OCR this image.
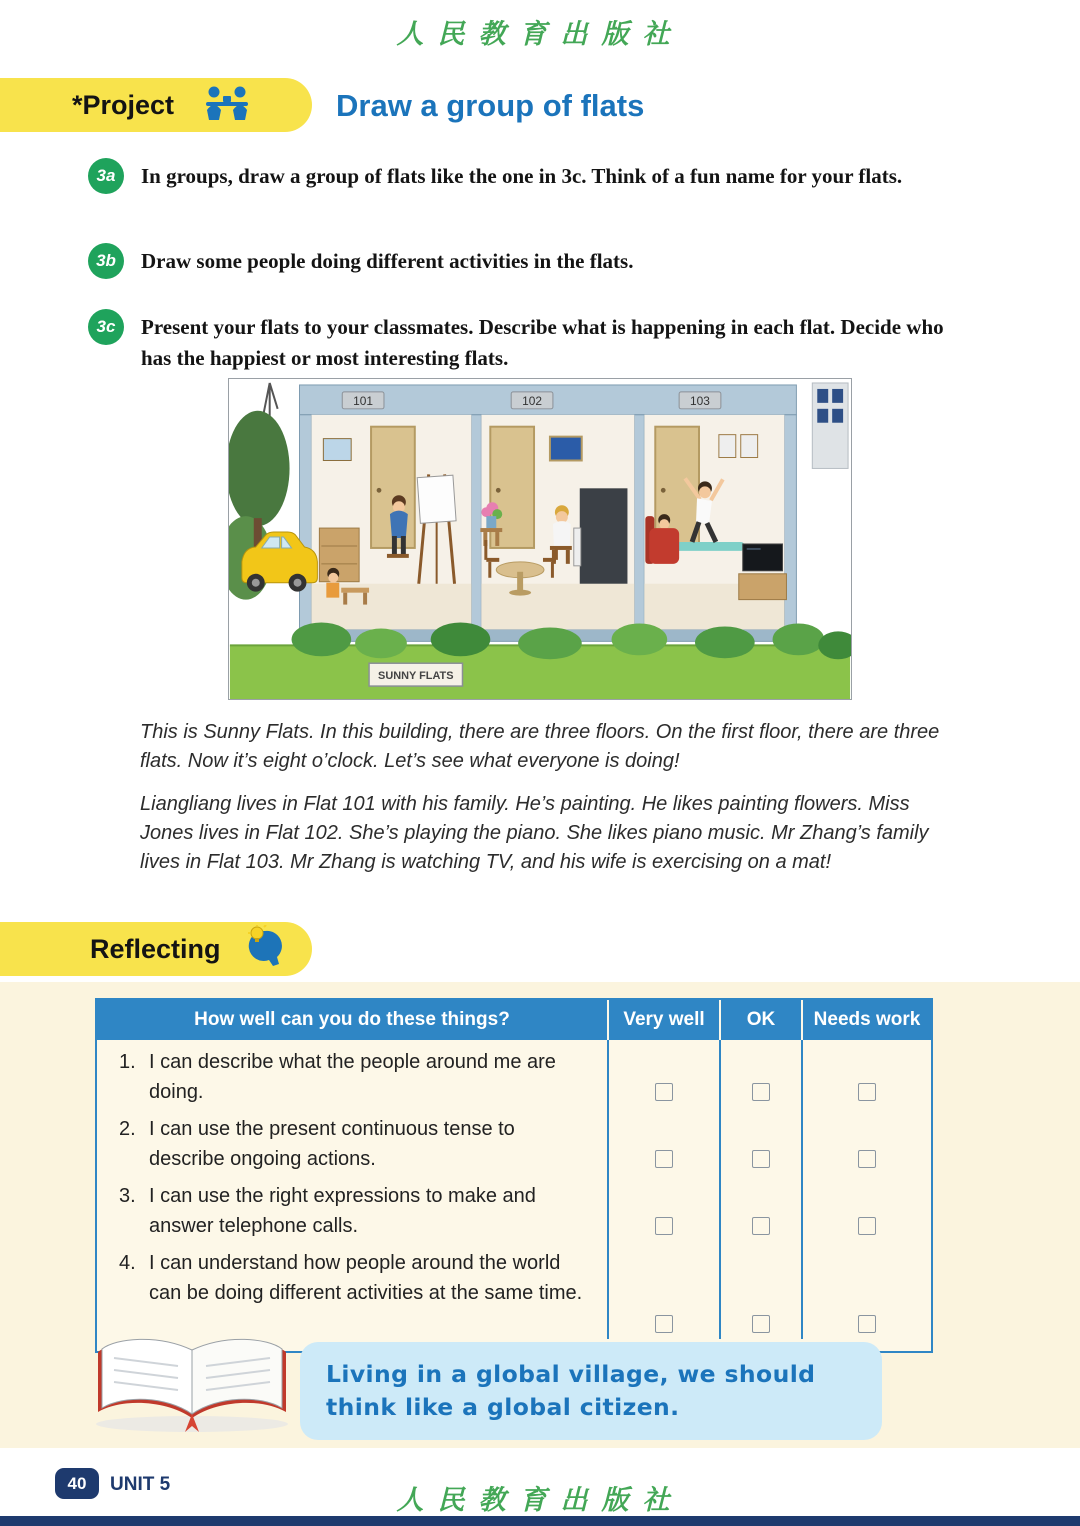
人民教育出版社
*Project	Draw a group of flats
3a	In groups, draw a group of flats like the one in 3c. Think of a fun name for your flats.
3b	Draw some people doing different activities in the flats.
3c	Present your flats to your classmates. Describe what is happening in each flat. Decide who has the happiest or most interesting flats.
101	102	103
SUNNY FLATS

This is Sunny Flats. In this building, there are three floors. On the first floor, there are three flats. Now it’s eight o’clock. Let’s see what everyone is doing!

Liangliang lives in Flat 101 with his family. He’s painting. He likes painting flowers. Miss Jones lives in Flat 102. She’s playing the piano. She likes piano music. Mr Zhang’s family lives in Flat 103. Mr Zhang is watching TV, and his wife is exercising on a mat!

Reflecting
How well can you do these things?	Very well	OK	Needs work
1. I can describe what the people around me are doing.
2. I can use the present continuous tense to describe ongoing actions.
3. I can use the right expressions to make and answer telephone calls.
4. I can understand how people around the world can be doing different activities at the same time.
Living in a global village, we should think like a global citizen.
40	UNIT 5
人民教育出版社
